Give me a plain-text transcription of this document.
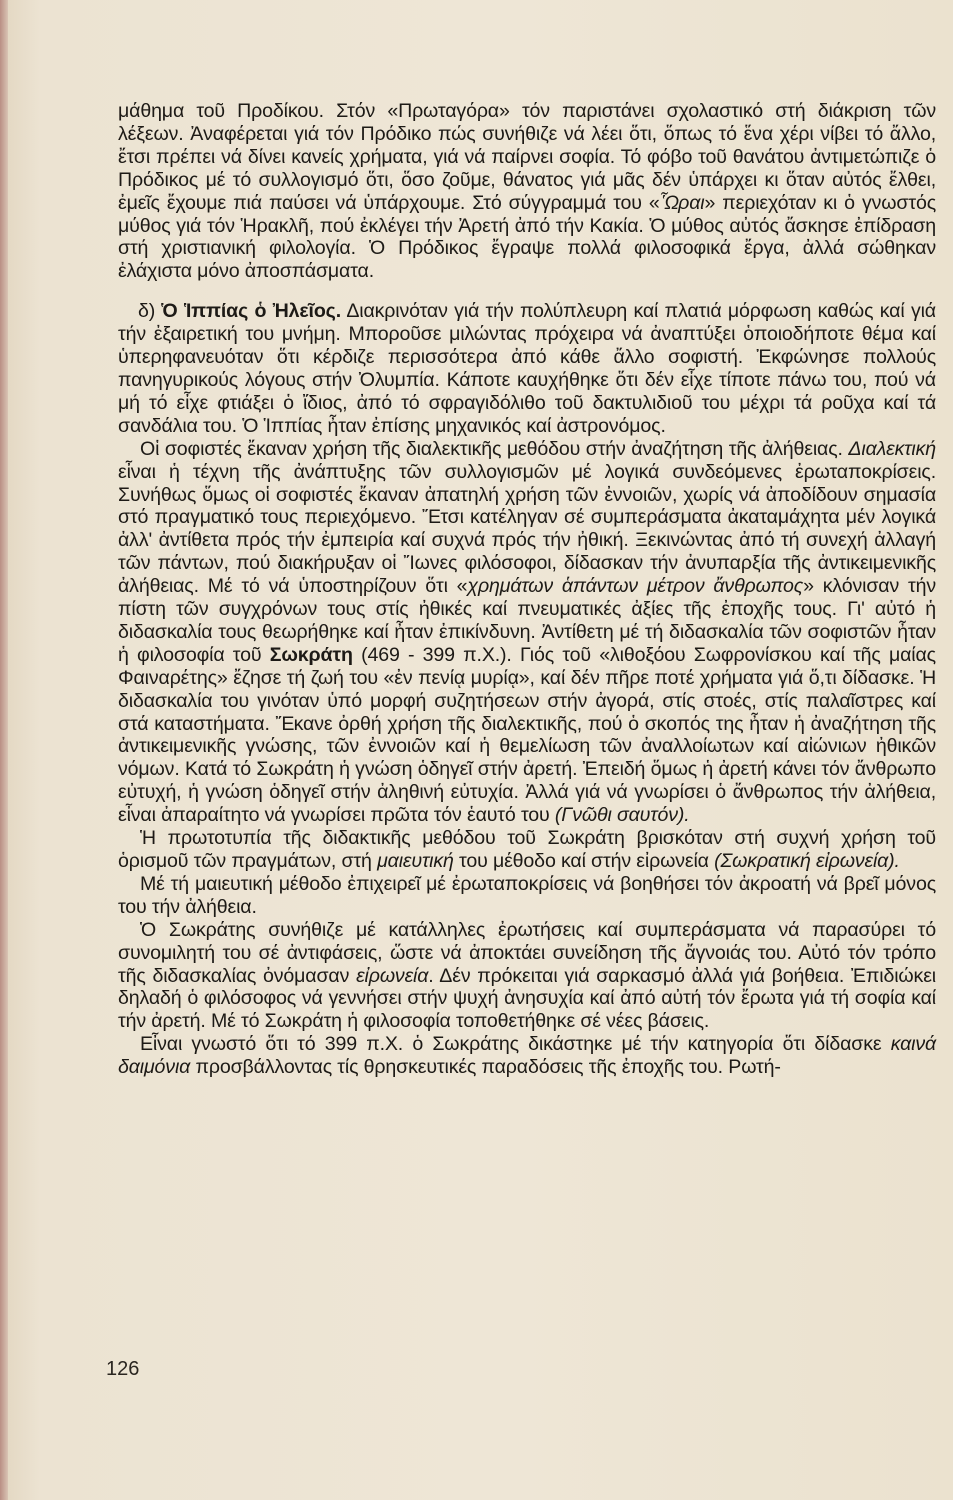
μάθημα τοῦ Προδίκου. Στόν «Πρωταγόρα» τόν παριστάνει σχολαστικό στή διάκριση τῶν λέξεων. Ἀναφέρεται γιά τόν Πρόδικο πώς συνήθιζε νά λέει ὅτι, ὅπως τό ἕνα χέρι νίβει τό ἄλλο, ἔτσι πρέπει νά δίνει κανείς χρήματα, γιά νά παίρνει σοφία. Τό φόβο τοῦ θανάτου ἀντιμετώπιζε ὁ Πρόδικος μέ τό συλλογισμό ὅτι, ὅσο ζοῦμε, θάνατος γιά μᾶς δέν ὑπάρχει κι ὅταν αὐτός ἔλθει, ἐμεῖς ἔχουμε πιά παύσει νά ὑπάρχουμε. Στό σύγγραμμά του «Ὧραι» περιεχόταν κι ὁ γνωστός μύθος γιά τόν Ἡρακλῆ, πού ἐκλέγει τήν Ἀρετή ἀπό τήν Κακία. Ὁ μύθος αὐτός ἄσκησε ἐπίδραση στή χριστιανική φιλολογία. Ὁ Πρόδικος ἔγραψε πολλά φιλοσοφικά ἔργα, ἀλλά σώθηκαν ἐλάχιστα μόνο ἀποσπάσματα.

δ) Ὁ Ἱππίας ὁ Ἠλεῖος. Διακρινόταν γιά τήν πολύπλευρη καί πλατιά μόρφωση καθώς καί γιά τήν ἐξαιρετική του μνήμη. Μποροῦσε μιλώντας πρόχειρα νά ἀναπτύξει ὁποιοδήποτε θέμα καί ὑπερηφανευόταν ὅτι κέρδιζε περισσότερα ἀπό κάθε ἄλλο σοφιστή. Ἐκφώνησε πολλούς πανηγυρικούς λόγους στήν Ὀλυμπία. Κάποτε καυχήθηκε ὅτι δέν εἶχε τίποτε πάνω του, πού νά μή τό εἶχε φτιάξει ὁ ἴδιος, ἀπό τό σφραγιδόλιθο τοῦ δακτυλιδιοῦ του μέχρι τά ροῦχα καί τά σανδάλια του. Ὁ Ἱππίας ἦταν ἐπίσης μηχανικός καί ἀστρονόμος.

Οἱ σοφιστές ἔκαναν χρήση τῆς διαλεκτικῆς μεθόδου στήν ἀναζήτηση τῆς ἀλήθειας. Διαλεκτική εἶναι ἡ τέχνη τῆς ἀνάπτυξης τῶν συλλογισμῶν μέ λογικά συνδεόμενες ἐρωταποκρίσεις. Συνήθως ὅμως οἱ σοφιστές ἔκαναν ἀπατηλή χρήση τῶν ἐννοιῶν, χωρίς νά ἀποδίδουν σημασία στό πραγματικό τους περιεχόμενο. Ἔτσι κατέληγαν σέ συμπεράσματα ἀκαταμάχητα μέν λογικά ἀλλ' ἀντίθετα πρός τήν ἐμπειρία καί συχνά πρός τήν ἠθική. Ξεκινώντας ἀπό τή συνεχή ἀλλαγή τῶν πάντων, πού διακήρυξαν οἱ Ἴωνες φιλόσοφοι, δίδασκαν τήν ἀνυπαρξία τῆς ἀντικειμενικῆς ἀλήθειας. Μέ τό νά ὑποστηρίζουν ὅτι «χρημάτων ἁπάντων μέτρον ἄνθρωπος» κλόνισαν τήν πίστη τῶν συγχρόνων τους στίς ἠθικές καί πνευματικές ἀξίες τῆς ἐποχῆς τους. Γι' αὐτό ἡ διδασκαλία τους θεωρήθηκε καί ἦταν ἐπικίνδυνη. Ἀντίθετη μέ τή διδασκαλία τῶν σοφιστῶν ἦταν ἡ φιλοσοφία τοῦ Σωκράτη (469 - 399 π.Χ.). Γιός τοῦ «λιθοξόου Σωφρονίσκου καί τῆς μαίας Φαιναρέτης» ἔζησε τή ζωή του «ἐν πενίᾳ μυρίᾳ», καί δέν πῆρε ποτέ χρήματα γιά ὅ,τι δίδασκε. Ἡ διδασκαλία του γινόταν ὑπό μορφή συζητήσεων στήν ἀγορά, στίς στοές, στίς παλαῖστρες καί στά καταστήματα. Ἔκανε ὀρθή χρήση τῆς διαλεκτικῆς, πού ὁ σκοπός της ἦταν ἡ ἀναζήτηση τῆς ἀντικειμενικῆς γνώσης, τῶν ἐννοιῶν καί ἡ θεμελίωση τῶν ἀναλλοίωτων καί αἰώνιων ἠθικῶν νόμων. Κατά τό Σωκράτη ἡ γνώση ὁδηγεῖ στήν ἀρετή. Ἐπειδή ὅμως ἡ ἀρετή κάνει τόν ἄνθρωπο εὐτυχή, ἡ γνώση ὁδηγεῖ στήν ἀληθινή εὐτυχία. Ἀλλά γιά νά γνωρίσει ὁ ἄνθρωπος τήν ἀλήθεια, εἶναι ἀπαραίτητο νά γνωρίσει πρῶτα τόν ἑαυτό του (Γνῶθι σαυτόν).

Ἡ πρωτοτυπία τῆς διδακτικῆς μεθόδου τοῦ Σωκράτη βρισκόταν στή συχνή χρήση τοῦ ὁρισμοῦ τῶν πραγμάτων, στή μαιευτική του μέθοδο καί στήν εἰρωνεία (Σωκρατική εἰρωνεία).

Μέ τή μαιευτική μέθοδο ἐπιχειρεῖ μέ ἐρωταποκρίσεις νά βοηθήσει τόν ἀκροατή νά βρεῖ μόνος του τήν ἀλήθεια.

Ὁ Σωκράτης συνήθιζε μέ κατάλληλες ἐρωτήσεις καί συμπεράσματα νά παρασύρει τό συνομιλητή του σέ ἀντιφάσεις, ὥστε νά ἀποκτάει συνείδηση τῆς ἄγνοιάς του. Αὐτό τόν τρόπο τῆς διδασκαλίας ὀνόμασαν εἰρωνεία. Δέν πρόκειται γιά σαρκασμό ἀλλά γιά βοήθεια. Ἐπιδιώκει δηλαδή ὁ φιλόσοφος νά γεννήσει στήν ψυχή ἀνησυχία καί ἀπό αὐτή τόν ἔρωτα γιά τή σοφία καί τήν ἀρετή. Μέ τό Σωκράτη ἡ φιλοσοφία τοποθετήθηκε σέ νέες βάσεις.

Εἶναι γνωστό ὅτι τό 399 π.Χ. ὁ Σωκράτης δικάστηκε μέ τήν κατηγορία ὅτι δίδασκε καινά δαιμόνια προσβάλλοντας τίς θρησκευτικές παραδόσεις τῆς ἐποχῆς του. Ρωτή-

126
